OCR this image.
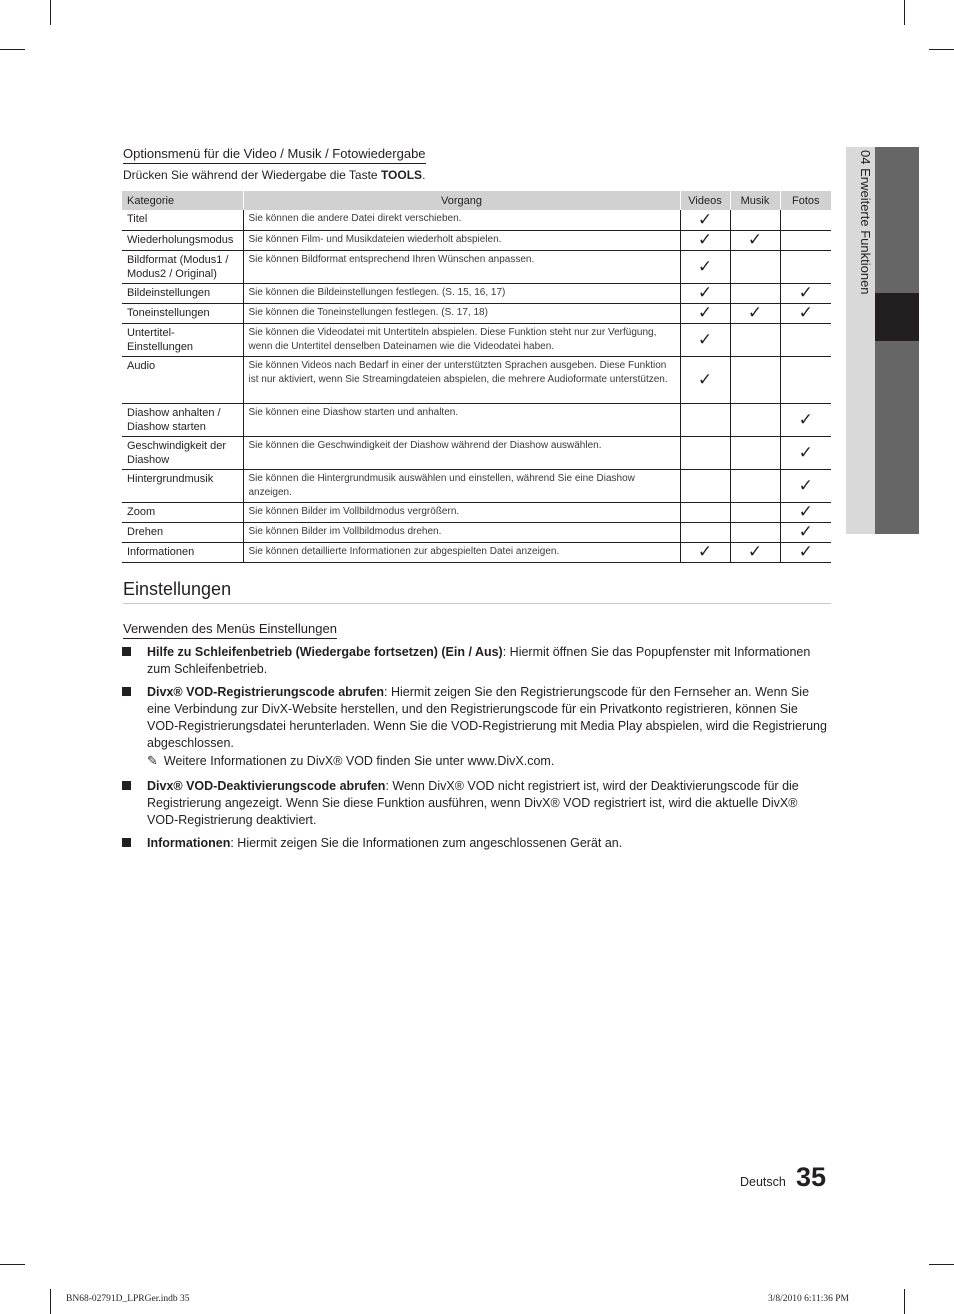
04 Erweiterte Funktionen
Optionsmenü für die Video / Musik / Fotowiedergabe
Drücken Sie während der Wiedergabe die Taste TOOLS.
Kategorie	Vorgang	Videos	Musik	Fotos
Titel	Sie können die andere Datei direkt verschieben.	✓		
Wiederholungsmodus	Sie können Film- und Musikdateien wiederholt abspielen.	✓	✓	
Bildformat (Modus1 / Modus2 / Original)	Sie können Bildformat entsprechend Ihren Wünschen anpassen.	✓		
Bildeinstellungen	Sie können die Bildeinstellungen festlegen. (S. 15, 16, 17)	✓		✓
Toneinstellungen	Sie können die Toneinstellungen festlegen. (S. 17, 18)	✓	✓	✓
Untertitel-Einstellungen	Sie können die Videodatei mit Untertiteln abspielen. Diese Funktion steht nur zur Verfügung, wenn die Untertitel denselben Dateinamen wie die Videodatei haben.	✓		
Audio	Sie können Videos nach Bedarf in einer der unterstützten Sprachen ausgeben. Diese Funktion ist nur aktiviert, wenn Sie Streamingdateien abspielen, die mehrere Audioformate unterstützen.	✓		
Diashow anhalten / Diashow starten	Sie können eine Diashow starten und anhalten.			✓
Geschwindigkeit der Diashow	Sie können die Geschwindigkeit der Diashow während der Diashow auswählen.			✓
Hintergrundmusik	Sie können die Hintergrundmusik auswählen und einstellen, während Sie eine Diashow anzeigen.			✓
Zoom	Sie können Bilder im Vollbildmodus vergrößern.			✓
Drehen	Sie können Bilder im Vollbildmodus drehen.			✓
Informationen	Sie können detaillierte Informationen zur abgespielten Datei anzeigen.	✓	✓	✓
Einstellungen
Verwenden des Menüs Einstellungen
Hilfe zu Schleifenbetrieb (Wiedergabe fortsetzen) (Ein / Aus): Hiermit öffnen Sie das Popupfenster mit Informationen zum Schleifenbetrieb.
Divx® VOD-Registrierungscode abrufen: Hiermit zeigen Sie den Registrierungscode für den Fernseher an. Wenn Sie eine Verbindung zur DivX-Website herstellen, und den Registrierungscode für ein Privatkonto registrieren, können Sie VOD-Registrierungsdatei herunterladen. Wenn Sie die VOD-Registrierung mit Media Play abspielen, wird die Registrierung abgeschlossen.
✎ Weitere Informationen zu DivX® VOD finden Sie unter www.DivX.com.
Divx® VOD-Deaktivierungscode abrufen: Wenn DivX® VOD nicht registriert ist, wird der Deaktivierungscode für die Registrierung angezeigt. Wenn Sie diese Funktion ausführen, wenn DivX® VOD registriert ist, wird die aktuelle DivX® VOD-Registrierung deaktiviert.
Informationen: Hiermit zeigen Sie die Informationen zum angeschlossenen Gerät an.
Deutsch 35
BN68-02791D_LPRGer.indb 35	3/8/2010 6:11:36 PM
